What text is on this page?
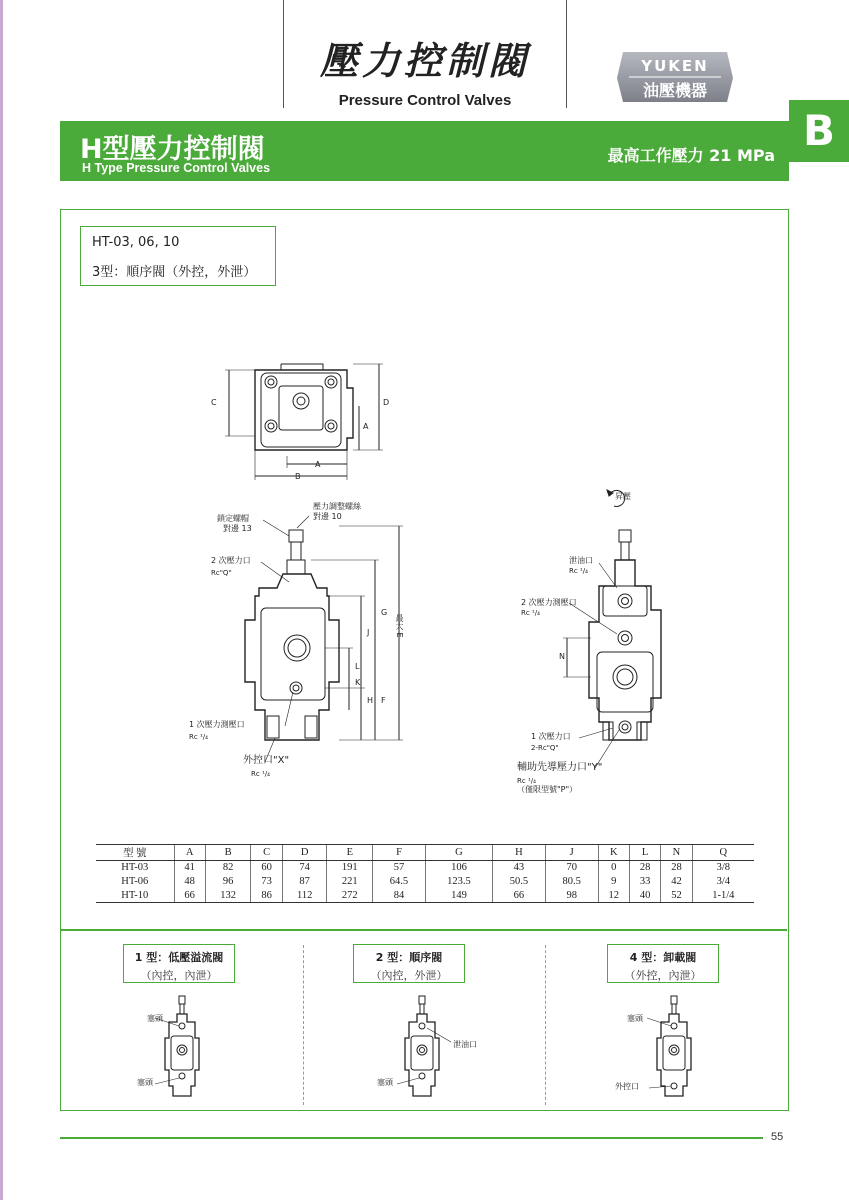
壓力控制閥
Pressure Control Valves
YUKEN
油壓機器
H型壓力控制閥
H Type Pressure Control Valves
最高工作壓力 21 MPa
B
HT-03, 06, 10
3型：順序閥（外控，外泄）
C	D
A
A
B
鎖定螺帽
對邊 13
壓力調整螺絲
對邊 10
2 次壓力口
Rc"Q"
1 次壓力測壓口
Rc ¹/₄
外控口"X"
Rc ¹/₄
G
J
L
K
H F
最大 E
昇壓
泄油口
Rc ¹/₄
2 次壓力測壓口
Rc ¹/₄
N
1 次壓力口
2-Rc"Q"
輔助先導壓力口"Y"
Rc ¹/₄
（僅限型號"P"）
型 號	A	B	C	D	E	F	G	H	J	K	L	N	Q
HT-03	41	82	60	74	191	57	106	43	70	0	28	28	3/8
HT-06	48	96	73	87	221	64.5	123.5	50.5	80.5	9	33	42	3/4
HT-10	66	132	86	112	272	84	149	66	98	12	40	52	1-1/4
1 型：低壓溢流閥
（內控，內泄）
2 型：順序閥
（內控，外泄）
4 型：卸載閥
（外控，內泄）
塞頭
塞頭
泄油口
塞頭
塞頭
外控口
55
